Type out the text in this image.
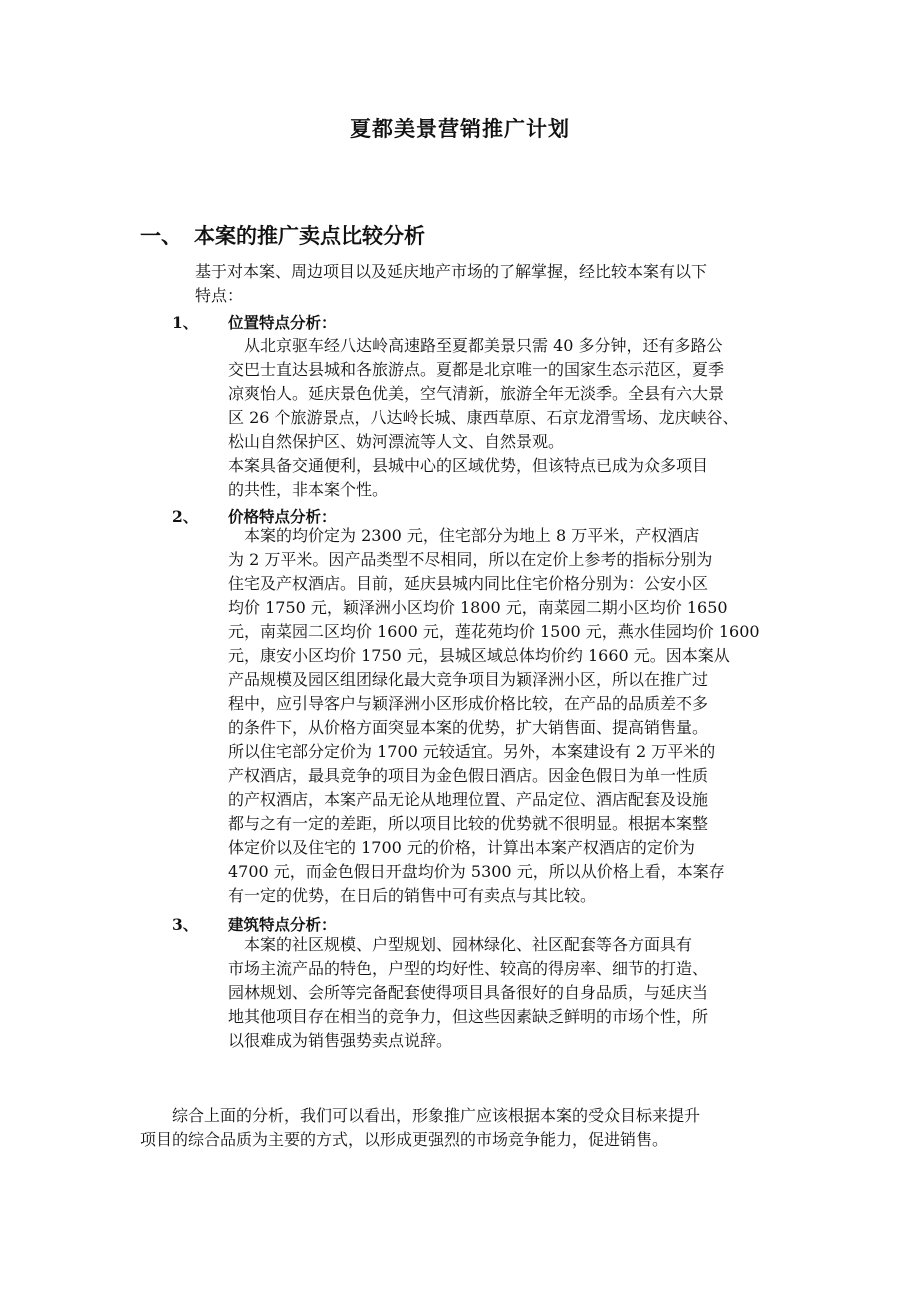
夏都美景营销推广计划
一、 本案的推广卖点比较分析
基于对本案、周边项目以及延庆地产市场的了解掌握，经比较本案有以下
特点：
1、 位置特点分析：
　从北京驱车经八达岭高速路至夏都美景只需 40 多分钟，还有多路公
交巴士直达县城和各旅游点。夏都是北京唯一的国家生态示范区，夏季
凉爽怡人。延庆景色优美，空气清新，旅游全年无淡季。全县有六大景
区 26 个旅游景点，八达岭长城、康西草原、石京龙滑雪场、龙庆峡谷、
松山自然保护区、妫河漂流等人文、自然景观。
本案具备交通便利，县城中心的区域优势，但该特点已成为众多项目
的共性，非本案个性。
2、 价格特点分析：
　本案的均价定为 2300 元，住宅部分为地上 8 万平米，产权酒店
为 2 万平米。因产品类型不尽相同，所以在定价上参考的指标分别为
住宅及产权酒店。目前，延庆县城内同比住宅价格分别为：公安小区
均价 1750 元，颖泽洲小区均价 1800 元，南菜园二期小区均价 1650
元，南菜园二区均价 1600 元，莲花苑均价 1500 元，燕水佳园均价 1600
元，康安小区均价 1750 元，县城区域总体均价约 1660 元。因本案从
产品规模及园区组团绿化最大竞争项目为颖泽洲小区，所以在推广过
程中，应引导客户与颖泽洲小区形成价格比较，在产品的品质差不多
的条件下，从价格方面突显本案的优势，扩大销售面、提高销售量。
所以住宅部分定价为 1700 元较适宜。另外，本案建设有 2 万平米的
产权酒店，最具竞争的项目为金色假日酒店。因金色假日为单一性质
的产权酒店，本案产品无论从地理位置、产品定位、酒店配套及设施
都与之有一定的差距，所以项目比较的优势就不很明显。根据本案整
体定价以及住宅的 1700 元的价格，计算出本案产权酒店的定价为
4700 元，而金色假日开盘均价为 5300 元，所以从价格上看，本案存
有一定的优势，在日后的销售中可有卖点与其比较。
3、 建筑特点分析：
　本案的社区规模、户型规划、园林绿化、社区配套等各方面具有
市场主流产品的特色，户型的均好性、较高的得房率、细节的打造、
园林规划、会所等完备配套使得项目具备很好的自身品质，与延庆当
地其他项目存在相当的竞争力，但这些因素缺乏鲜明的市场个性，所
以很难成为销售强势卖点说辞。
　　综合上面的分析，我们可以看出，形象推广应该根据本案的受众目标来提升
项目的综合品质为主要的方式，以形成更强烈的市场竞争能力，促进销售。
